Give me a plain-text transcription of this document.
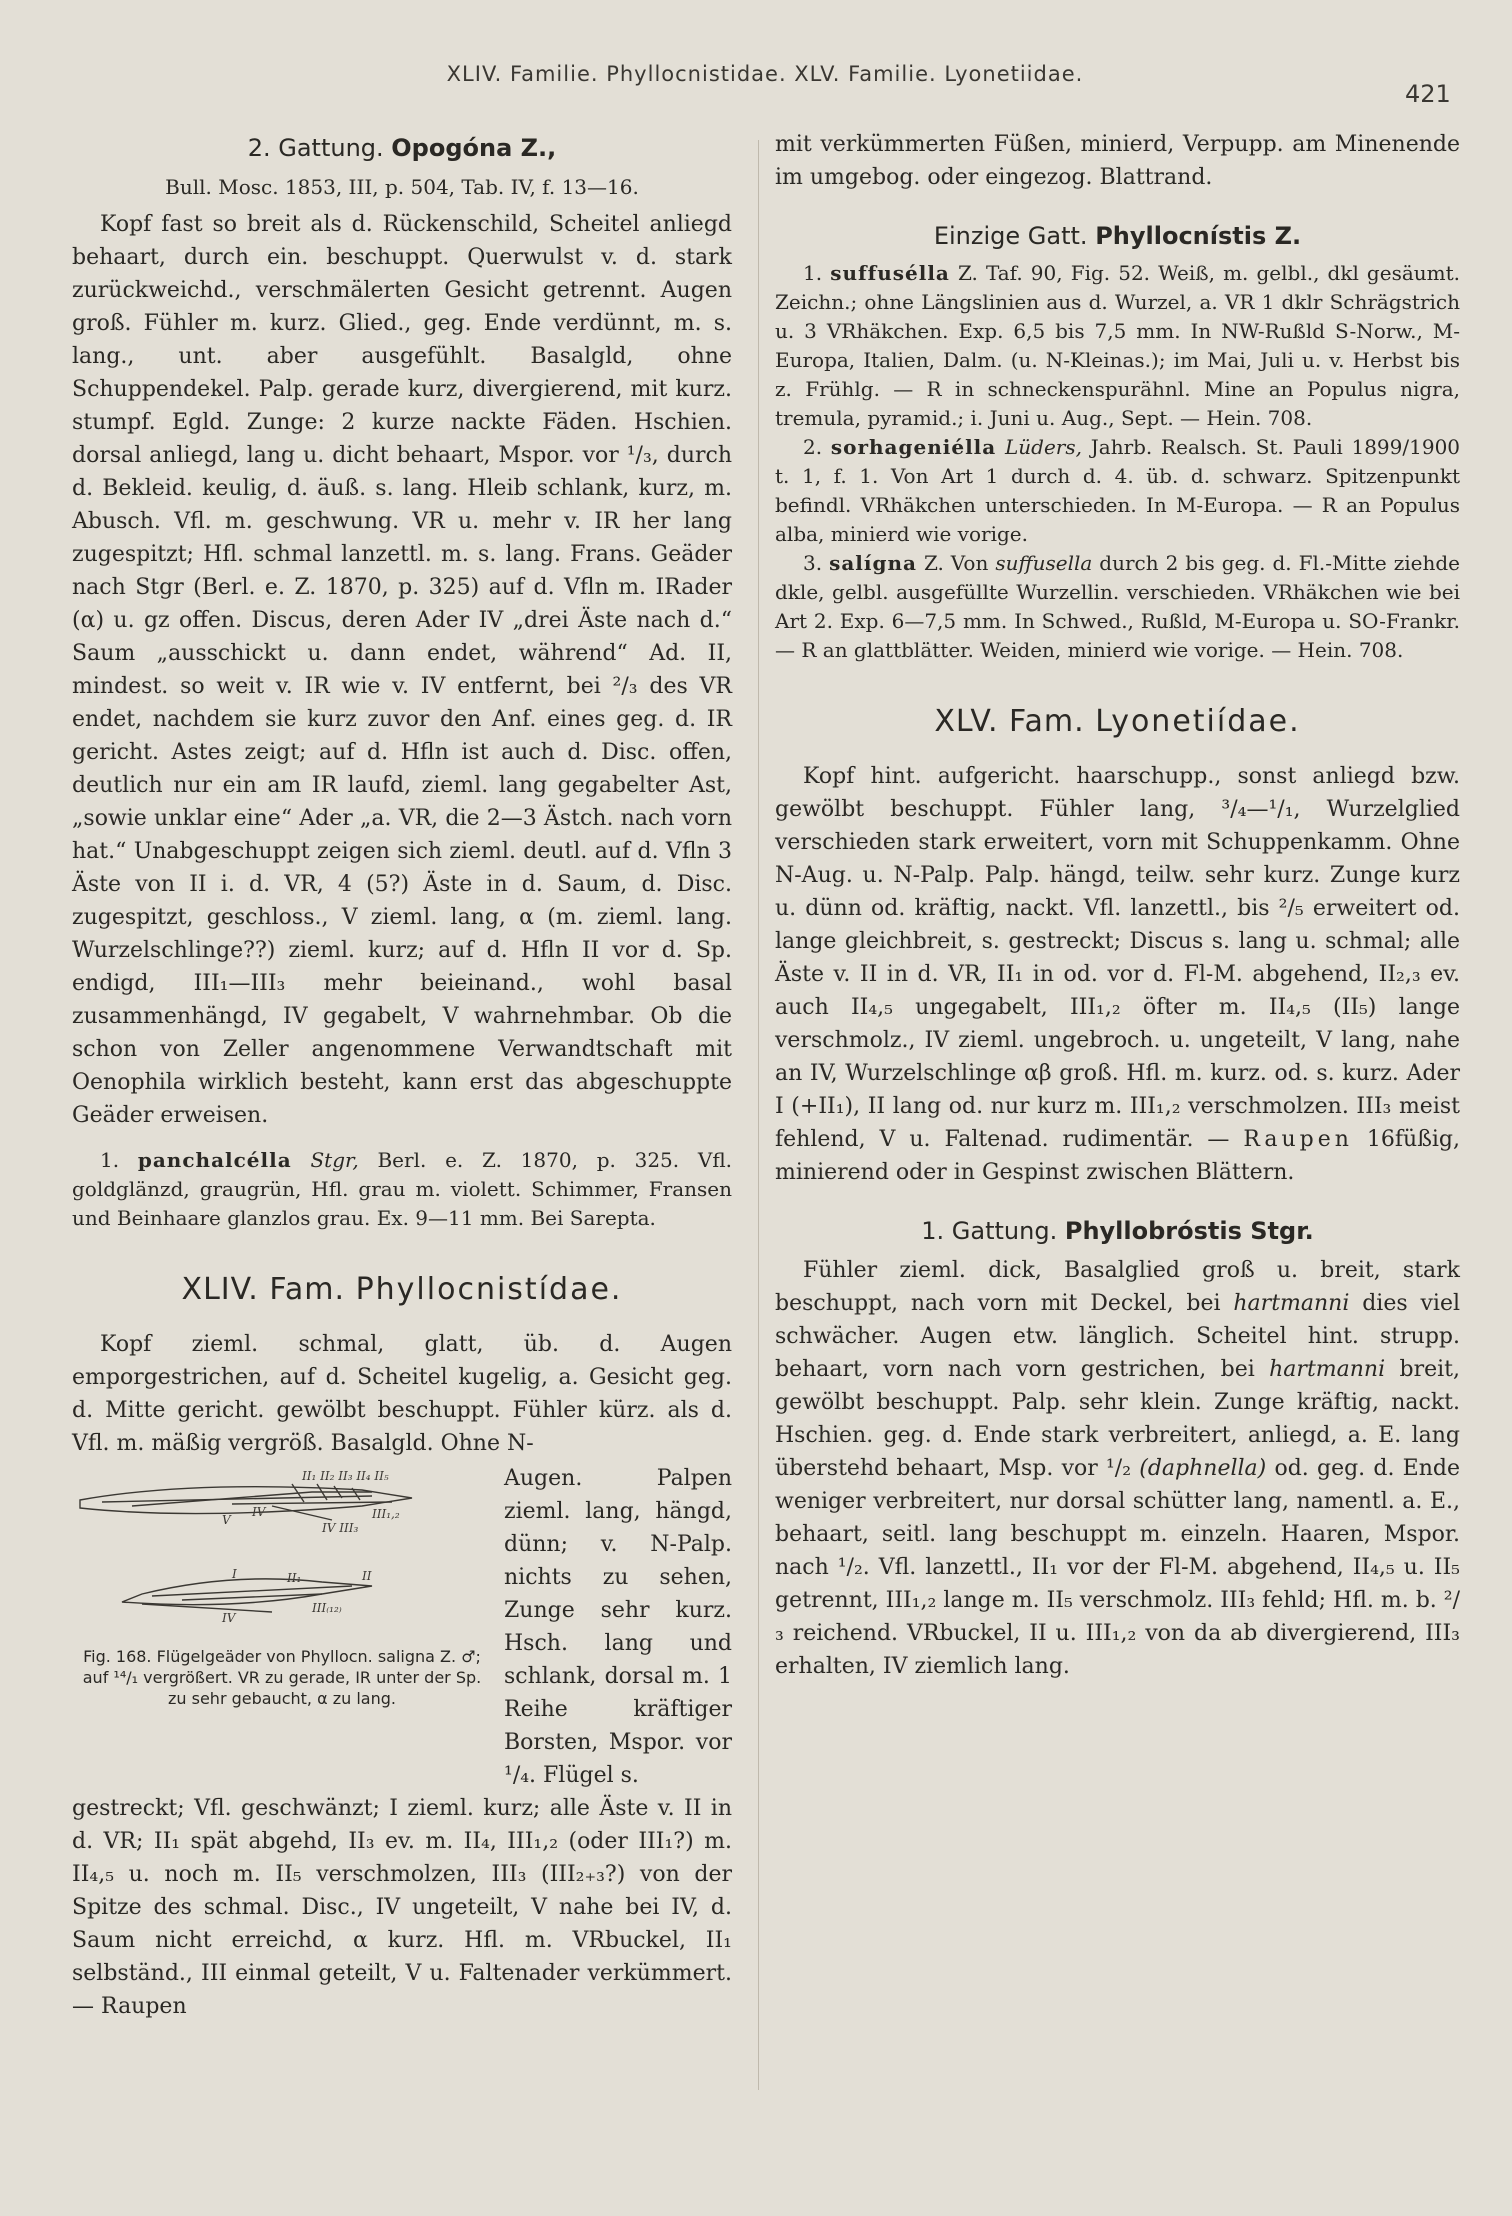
XLIV. Familie. Phyllocnistidae. XLV. Familie. Lyonetiidae.
421
2. Gattung. Opogóna Z.,
Bull. Mosc. 1853, III, p. 504, Tab. IV, f. 13—16.

Kopf fast so breit als d. Rückenschild, Scheitel anliegd behaart, durch ein. beschuppt. Querwulst v. d. stark zurückweichd., verschmälerten Gesicht getrennt. Augen groß. Fühler m. kurz. Glied., geg. Ende verdünnt, m. s. lang., unt. aber ausgefühlt. Basalgld, ohne Schuppendekel. Palp. gerade kurz, divergierend, mit kurz. stumpf. Egld. Zunge: 2 kurze nackte Fäden. Hschien. dorsal anliegd, lang u. dicht behaart, Mspor. vor ¹/₃, durch d. Bekleid. keulig, d. äuß. s. lang. Hleib schlank, kurz, m. Abusch. Vfl. m. geschwung. VR u. mehr v. IR her lang zugespitzt; Hfl. schmal lanzettl. m. s. lang. Frans. Geäder nach Stgr (Berl. e. Z. 1870, p. 325) auf d. Vfln m. IRader (α) u. gz offen. Discus, deren Ader IV „drei Äste nach d.“ Saum „ausschickt u. dann endet, während“ Ad. II, mindest. so weit v. IR wie v. IV entfernt, bei ²/₃ des VR endet, nachdem sie kurz zuvor den Anf. eines geg. d. IR gericht. Astes zeigt; auf d. Hfln ist auch d. Disc. offen, deutlich nur ein am IR laufd, zieml. lang gegabelter Ast, „sowie unklar eine“ Ader „a. VR, die 2—3 Ästch. nach vorn hat.“ Unabgeschuppt zeigen sich zieml. deutl. auf d. Vfln 3 Äste von II i. d. VR, 4 (5?) Äste in d. Saum, d. Disc. zugespitzt, geschloss., V zieml. lang, α (m. zieml. lang. Wurzelschlinge??) zieml. kurz; auf d. Hfln II vor d. Sp. endigd, III₁—III₃ mehr beieinand., wohl basal zusammenhängd, IV gegabelt, V wahrnehmbar. Ob die schon von Zeller angenommene Verwandtschaft mit Oenophila wirklich besteht, kann erst das abgeschuppte Geäder erweisen.

1. panchalcélla Stgr, Berl. e. Z. 1870, p. 325. Vfl. goldglänzd, graugrün, Hfl. grau m. violett. Schimmer, Fransen und Beinhaare glanzlos grau. Ex. 9—11 mm. Bei Sarepta.

XLIV. Fam. Phyllocnistídae.

Kopf zieml. schmal, glatt, üb. d. Augen emporgestrichen, auf d. Scheitel kugelig, a. Gesicht geg. d. Mitte gericht. gewölbt beschuppt. Fühler kürz. als d. Vfl. m. mäßig vergröß. Basalgld. Ohne N-

II₁ II₂ II₃ II₄ II₅
V
IV
IV III₃
III₁,₂
I	II₁	II
IV
III₍₁₂₎
Fig. 168. Flügelgeäder von Phyllocn. saligna Z. ♂; auf ¹⁴/₁ vergrößert. VR zu gerade, IR unter der Sp. zu sehr gebaucht, α zu lang.
Augen. Palpen zieml. lang, hängd, dünn; v. N-Palp. nichts zu sehen, Zunge sehr kurz. Hsch. lang und schlank, dorsal m. 1 Reihe kräftiger Borsten, Mspor. vor ¹/₄. Flügel s.

gestreckt; Vfl. geschwänzt; I zieml. kurz; alle Äste v. II in d. VR; II₁ spät abgehd, II₃ ev. m. II₄, III₁,₂ (oder III₁?) m. II₄,₅ u. noch m. II₅ verschmolzen, III₃ (III₂₊₃?) von der Spitze des schmal. Disc., IV ungeteilt, V nahe bei IV, d. Saum nicht erreichd, α kurz. Hfl. m. VRbuckel, II₁ selbständ., III einmal geteilt, V u. Faltenader verkümmert. — Raupen

mit verkümmerten Füßen, minierd, Verpupp. am Minenende im umgebog. oder eingezog. Blattrand.

Einzige Gatt. Phyllocnístis Z.

1. suffusélla Z. Taf. 90, Fig. 52. Weiß, m. gelbl., dkl gesäumt. Zeichn.; ohne Längslinien aus d. Wurzel, a. VR 1 dklr Schrägstrich u. 3 VRhäkchen. Exp. 6,5 bis 7,5 mm. In NW-Rußld S-Norw., M-Europa, Italien, Dalm. (u. N-Kleinas.); im Mai, Juli u. v. Herbst bis z. Frühlg. — R in schneckenspurähnl. Mine an Populus nigra, tremula, pyramid.; i. Juni u. Aug., Sept. — Hein. 708.

2. sorhageniélla Lüders, Jahrb. Realsch. St. Pauli 1899/1900 t. 1, f. 1. Von Art 1 durch d. 4. üb. d. schwarz. Spitzenpunkt befindl. VRhäkchen unterschieden. In M-Europa. — R an Populus alba, minierd wie vorige.

3. salígna Z. Von suffusella durch 2 bis geg. d. Fl.-Mitte ziehde dkle, gelbl. ausgefüllte Wurzellin. verschieden. VRhäkchen wie bei Art 2. Exp. 6—7,5 mm. In Schwed., Rußld, M-Europa u. SO-Frankr. — R an glattblätter. Weiden, minierd wie vorige. — Hein. 708.

XLV. Fam. Lyonetiídae.

Kopf hint. aufgericht. haarschupp., sonst anliegd bzw. gewölbt beschuppt. Fühler lang, ³/₄—¹/₁, Wurzelglied verschieden stark erweitert, vorn mit Schuppenkamm. Ohne N-Aug. u. N-Palp. Palp. hängd, teilw. sehr kurz. Zunge kurz u. dünn od. kräftig, nackt. Vfl. lanzettl., bis ²/₅ erweitert od. lange gleichbreit, s. gestreckt; Discus s. lang u. schmal; alle Äste v. II in d. VR, II₁ in od. vor d. Fl-M. abgehend, II₂,₃ ev. auch II₄,₅ ungegabelt, III₁,₂ öfter m. II₄,₅ (II₅) lange verschmolz., IV zieml. ungebroch. u. ungeteilt, V lang, nahe an IV, Wurzelschlinge αβ groß. Hfl. m. kurz. od. s. kurz. Ader I (+II₁), II lang od. nur kurz m. III₁,₂ verschmolzen. III₃ meist fehlend, V u. Faltenad. rudimentär. — Raupen 16füßig, minierend oder in Gespinst zwischen Blättern.

1. Gattung. Phyllobróstis Stgr.

Fühler zieml. dick, Basalglied groß u. breit, stark beschuppt, nach vorn mit Deckel, bei hartmanni dies viel schwächer. Augen etw. länglich. Scheitel hint. strupp. behaart, vorn nach vorn gestrichen, bei hartmanni breit, gewölbt beschuppt. Palp. sehr klein. Zunge kräftig, nackt. Hschien. geg. d. Ende stark verbreitert, anliegd, a. E. lang überstehd behaart, Msp. vor ¹/₂ (daphnella) od. geg. d. Ende weniger verbreitert, nur dorsal schütter lang, namentl. a. E., behaart, seitl. lang beschuppt m. einzeln. Haaren, Mspor. nach ¹/₂. Vfl. lanzettl., II₁ vor der Fl-M. abgehend, II₄,₅ u. II₅ getrennt, III₁,₂ lange m. II₅ verschmolz. III₃ fehld; Hfl. m. b. ²/₃ reichend. VRbuckel, II u. III₁,₂ von da ab divergierend, III₃ erhalten, IV ziemlich lang.
